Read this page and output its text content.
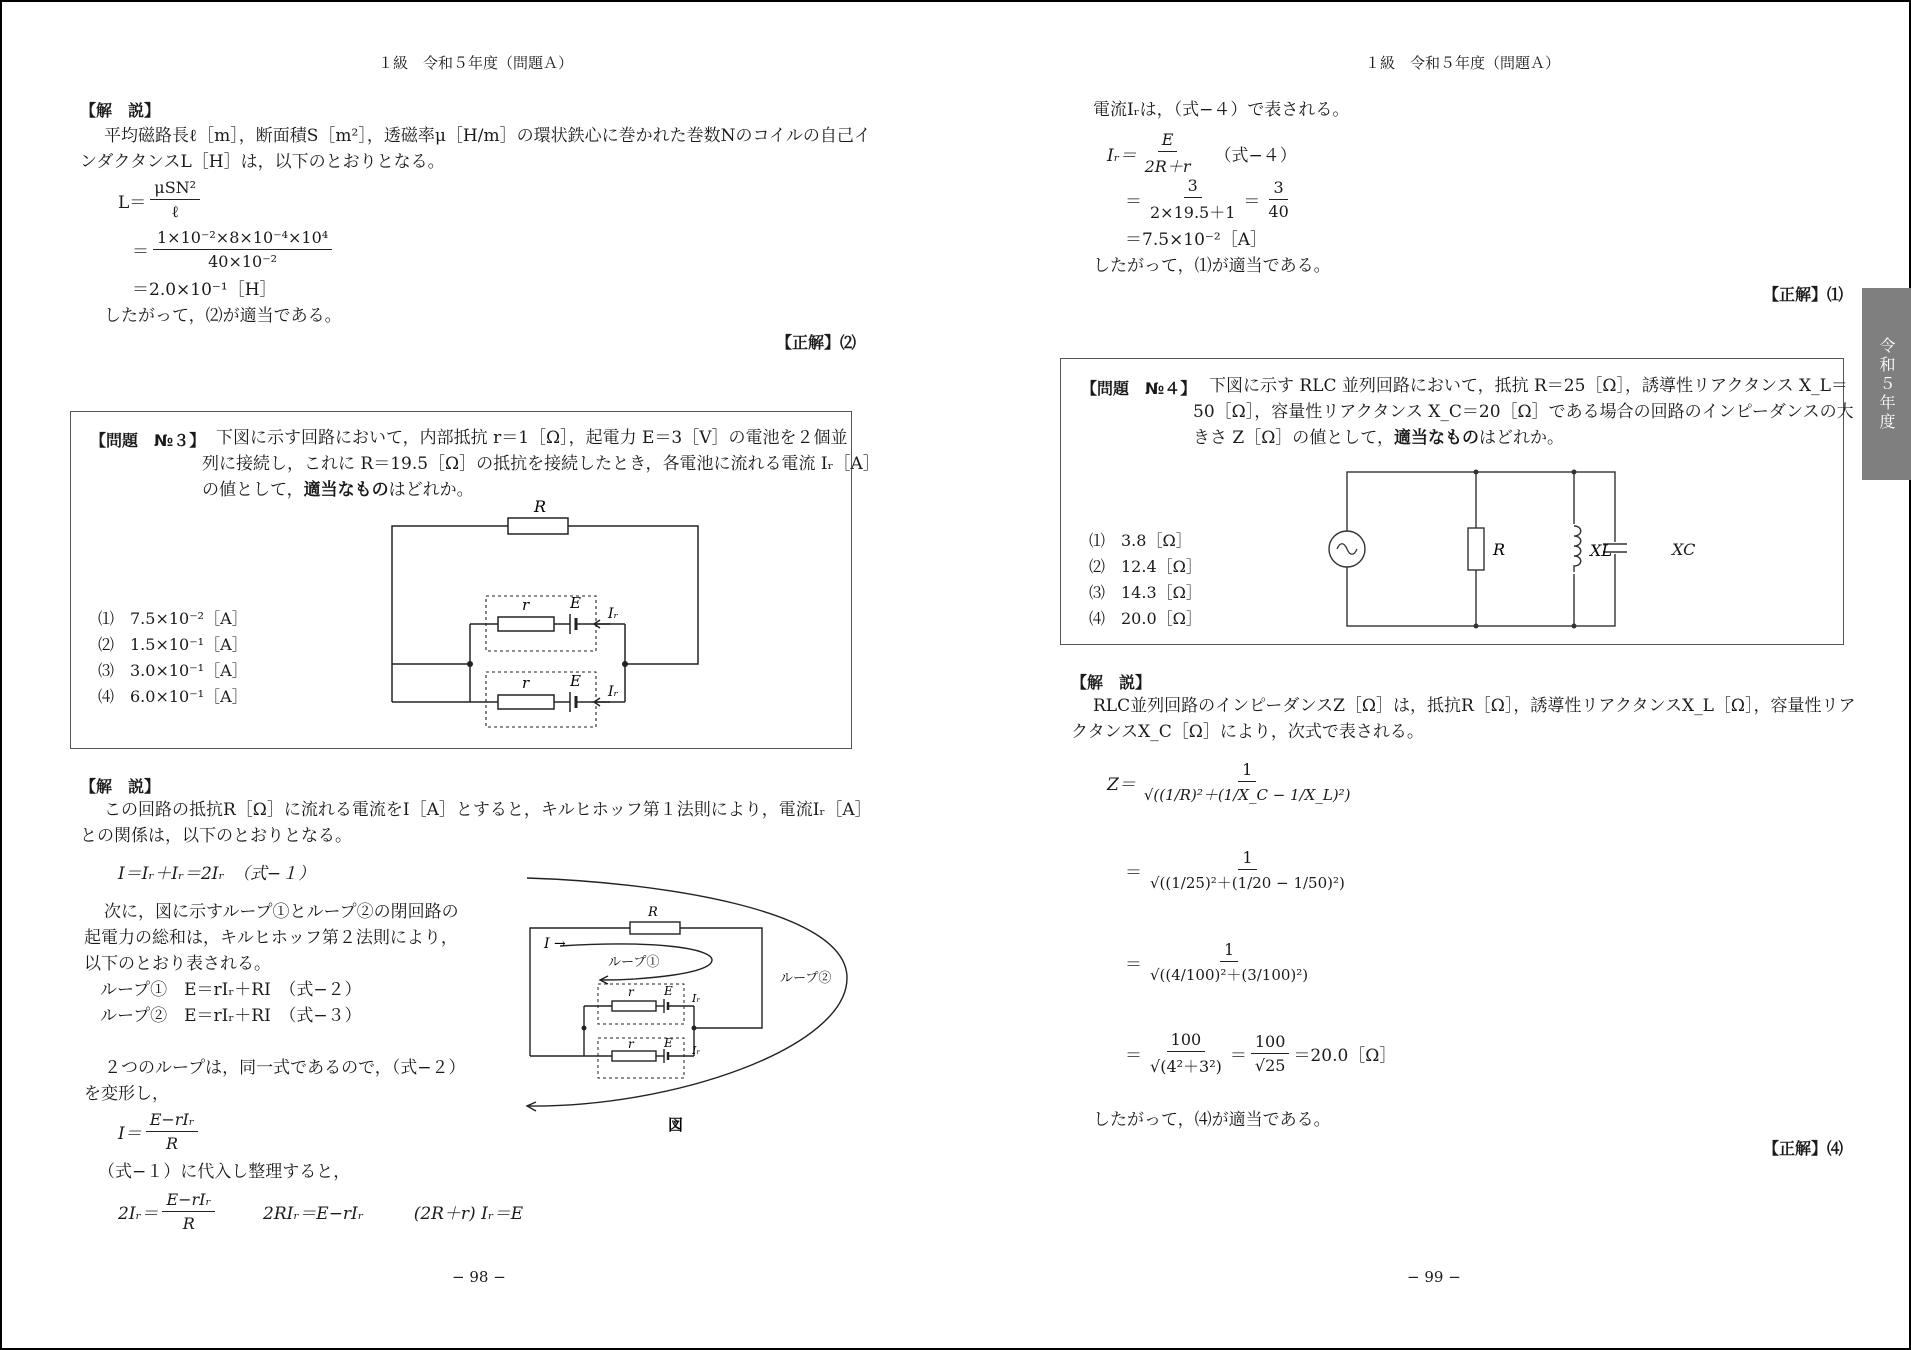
１級　令和５年度（問題Ａ）
【解　説】
平均磁路長ℓ［m］，断面積S［m²］，透磁率μ［H/m］の環状鉄心に巻かれた巻数Nのコイルの自己イ
ンダクタンスL［H］は，以下のとおりとなる。
$L= \frac{\text{μSN²}}{\text{ℓ}}$
＝ $\frac{\text{1×10⁻²×8×10⁻⁴×10⁴}}{\text{40×10⁻²}}$
＝2.0×10⁻¹［H］
したがって，⑵が適当である。
【正解】⑵
【問題　№３】 下図に示す回路において，内部抵抗 r＝1［Ω］，起電力 E＝3［V］の電池を２個並
列に接続し，これに R＝19.5［Ω］の抵抗を接続したとき，各電池に流れる電流 Iᵣ［A］
の値として，適当なものはどれか。
⑴　7.5×10⁻²［A］
⑵　1.5×10⁻¹［A］
⑶　3.0×10⁻¹［A］
⑷　6.0×10⁻¹［A］
R
r	E
Iᵣ
r	E
Iᵣ
【解　説】
この回路の抵抗R［Ω］に流れる電流をI［A］とすると，キルヒホッフ第１法則により，電流Iᵣ［A］
との関係は，以下のとおりとなる。
I＝Iᵣ＋Iᵣ＝2Iᵣ　（式−１）
次に，図に示すループ①とループ②の閉回路の
起電力の総和は，キルヒホッフ第２法則により，
以下のとおり表される。
ループ①　E＝rIᵣ＋RI　（式−２）
ループ②　E＝rIᵣ＋RI　（式−３）
２つのループは，同一式であるので，（式−２）
を変形し，
$I= \frac{\text{E−rIᵣ}}{R}$
（式−１）に代入し整理すると，
2Iᵣ＝ $\frac{\text{E−rIᵣ}}{R}$	2RIᵣ＝E−rIᵣ	(2R＋r) Iᵣ＝E
R
I →
ループ①
ループ②
r	E
Iᵣ
r	E
Iᵣ
図
− 98 −
１級　令和５年度（問題Ａ）
電流Iᵣは，（式−４）で表される。
Iᵣ＝ $\frac{E}{2R+r}$ （式−４）
＝ $\frac{3}{2\times 19.5+1} = \frac{3}{40}$
＝7.5×10⁻²［A］
したがって，⑴が適当である。
【正解】⑴
【問題　№４】 下図に示す RLC 並列回路において，抵抗 R＝25［Ω］，誘導性リアクタンス X_L＝
50［Ω］，容量性リアクタンス X_C＝20［Ω］である場合の回路のインピーダンスの大
きさ Z［Ω］の値として，適当なものはどれか。
⑴　3.8［Ω］
⑵　12.4［Ω］
⑶　14.3［Ω］
⑷　20.0［Ω］
R	XL	XC
【解　説】
RLC並列回路のインピーダンスZ［Ω］は，抵抗R［Ω］，誘導性リアクタンスX_L［Ω］，容量性リア
クタンスX_C［Ω］により，次式で表される。
$Z= \frac{1}{\text{√((1/R)²＋(1/X\_C − 1/X\_L)²)}}$
＝ $\frac{1}{\text{√((1/25)²＋(1/20 − 1/50)²)}}$
＝ $\frac{1}{\text{√((4/100)²＋(3/100)²)}}$
＝ $\frac{100}{\text{√(4²＋3²)}} = \frac{100}{√25}$ ＝20.0［Ω］
したがって，⑷が適当である。
【正解】⑷
− 99 −
令和５年度
